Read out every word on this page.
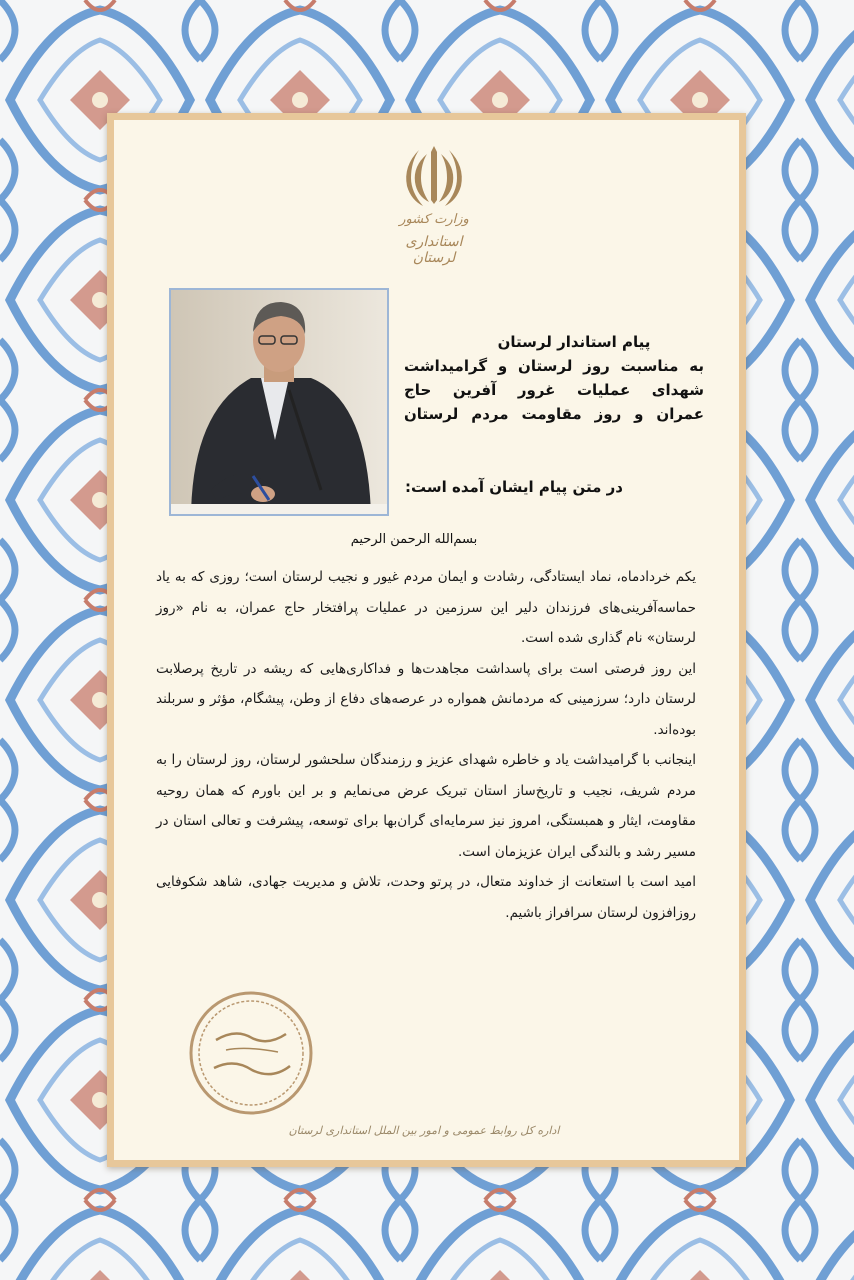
وزارت کشور
استانداری لرستان
پیام استاندار لرستان
به مناسبت روز لرستان و گرامیداشت
شهدای عملیات غرور آفرین حاج
عمران و روز مقاومت مردم لرستان
در متن پیام ایشان آمده است:
بسم‌الله الرحمن الرحیم

یکم خردادماه، نماد ایستادگی، رشادت و ایمان مردم غیور و نجیب لرستان است؛ روزی که به یاد حماسه‌آفرینی‌های فرزندان دلیر این سرزمین در عملیات پرافتخار حاج عمران، به نام «روز لرستان» نام گذاری شده است.

این روز فرصتی است برای پاسداشت مجاهدت‌ها و فداکاری‌هایی که ریشه در تاریخ پرصلابت لرستان دارد؛ سرزمینی که مردمانش همواره در عرصه‌های دفاع از وطن، پیشگام، مؤثر و سربلند بوده‌اند.

اینجانب با گرامیداشت یاد و خاطره شهدای عزیز و رزمندگان سلحشور لرستان، روز لرستان را به مردم شریف، نجیب و تاریخ‌ساز استان تبریک عرض می‌نمایم و بر این باورم که همان روحیه مقاومت، ایثار و همبستگی، امروز نیز سرمایه‌ای گران‌بها برای توسعه، پیشرفت و تعالی استان در مسیر رشد و بالندگی ایران عزیزمان است.

امید است با استعانت از خداوند متعال، در پرتو وحدت، تلاش و مدیریت جهادی، شاهد شکوفایی روزافزون لرستان سرافراز باشیم.

اداره کل روابط عمومی و امور بین الملل استانداری لرستان
